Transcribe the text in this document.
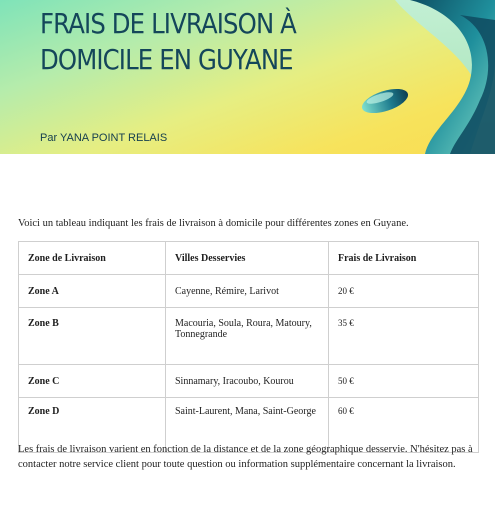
FRAIS DE LIVRAISON À
DOMICILE EN GUYANE
Par YANA POINT RELAIS
Voici un tableau indiquant les frais de livraison à domicile pour différentes zones en Guyane.
Zone de Livraison	Villes Desservies	Frais de Livraison
Zone A	Cayenne, Rémire, Larivot	20 €
Zone B	Macouria, Soula, Roura, Matoury, Tonnegrande	35 €
Zone C	Sinnamary, Iracoubo, Kourou	50 €
Zone D	Saint-Laurent, Mana, Saint-George	60 €
Les frais de livraison varient en fonction de la distance et de la zone géographique desservie. N'hésitez pas à contacter notre service client pour toute question ou information supplémentaire concernant la livraison.
